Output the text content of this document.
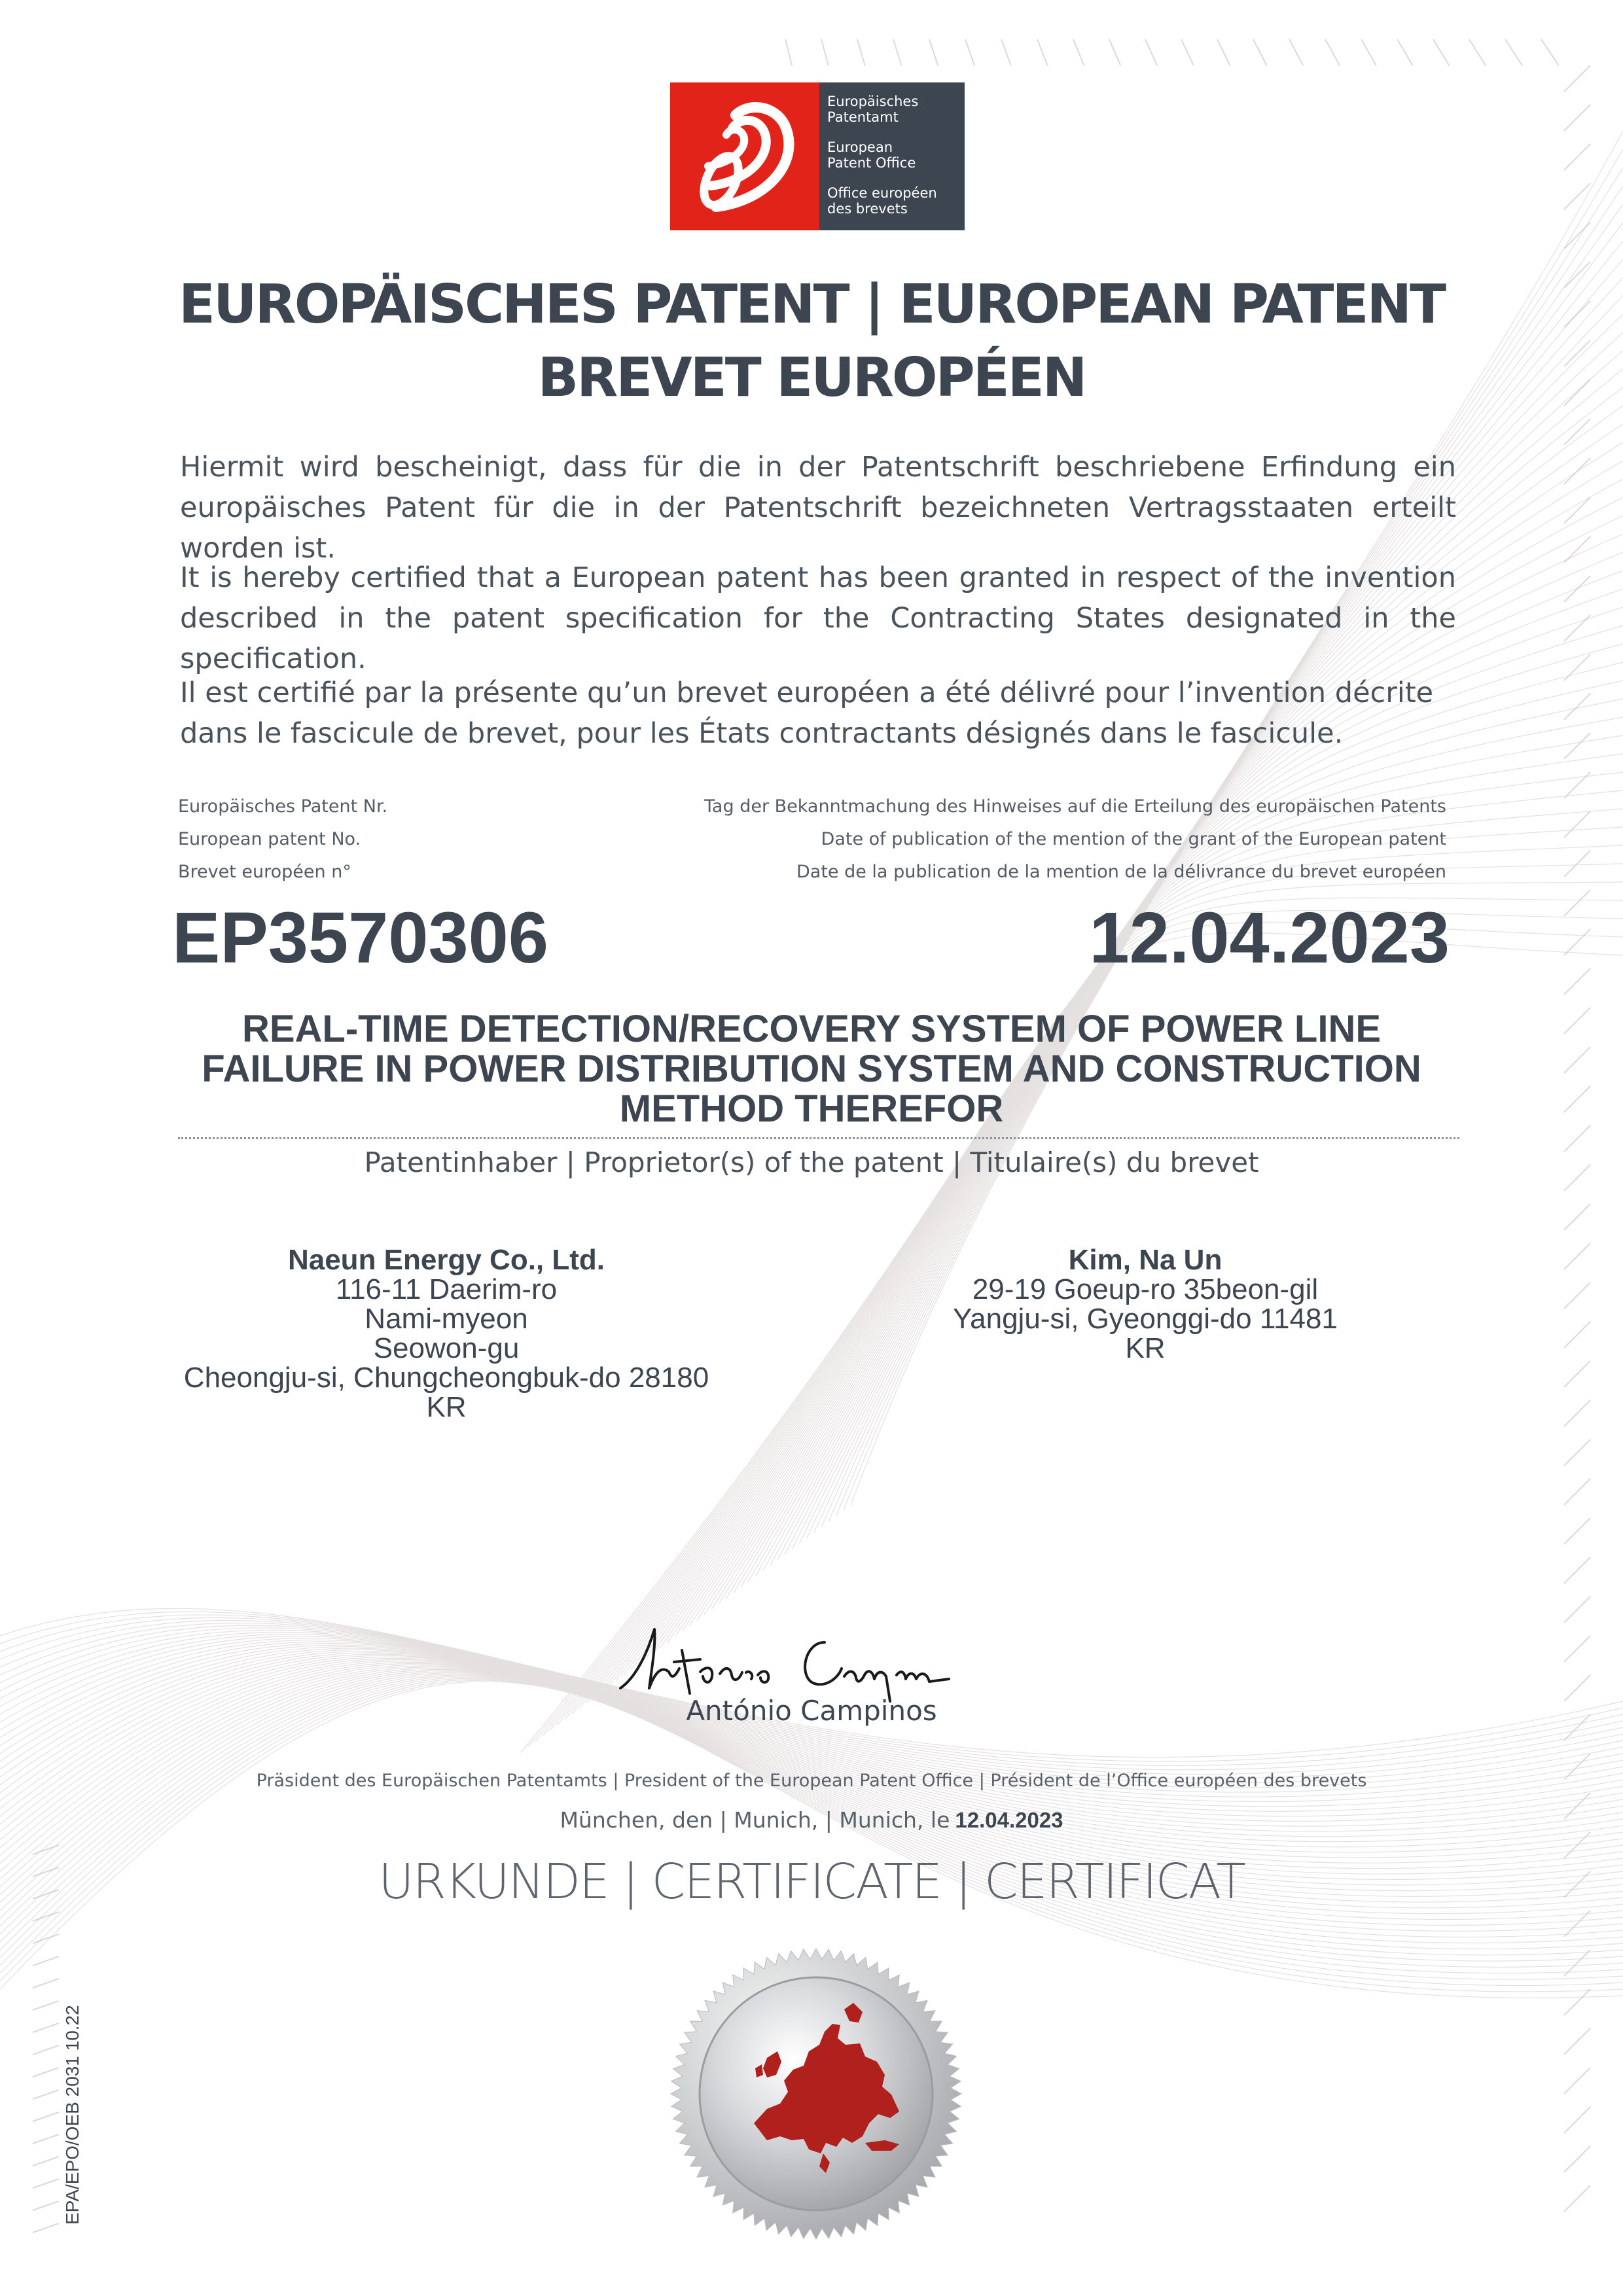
Europäisches
Patentamt
European
Patent Office
Office européen
des brevets
EUROPÄISCHES PATENT | EUROPEAN PATENT
BREVET EUROPÉEN
Hiermit wird bescheinigt, dass für die in der Patentschrift beschriebene Erfindung ein europäisches Patent für die in der Patentschrift bezeichneten Vertragsstaaten erteilt worden ist.
It is hereby certified that a European patent has been granted in respect of the invention described in the patent specification for the Contracting States designated in the specification.
Il est certifié par la présente qu’un brevet européen a été délivré pour l’invention décrite dans le fascicule de brevet, pour les États contractants désignés dans le fascicule.
Europäisches Patent Nr.
European patent No.
Brevet européen n°
Tag der Bekanntmachung des Hinweises auf die Erteilung des europäischen Patents
Date of publication of the mention of the grant of the European patent
Date de la publication de la mention de la délivrance du brevet européen
EP3570306	12.04.2023
REAL-TIME DETECTION/RECOVERY SYSTEM OF POWER LINE
FAILURE IN POWER DISTRIBUTION SYSTEM AND CONSTRUCTION
METHOD THEREFOR
Patentinhaber | Proprietor(s) of the patent | Titulaire(s) du brevet
Naeun Energy Co., Ltd.
116-11 Daerim-ro
Nami-myeon
Seowon-gu
Cheongju-si, Chungcheongbuk-do 28180
KR
Kim, Na Un
29-19 Goeup-ro 35beon-gil
Yangju-si, Gyeonggi-do 11481
KR
António Campinos
Präsident des Europäischen Patentamts | President of the European Patent Office | Président de l’Office européen des brevets
München, den | Munich, | Munich, le 12.04.2023
URKUNDE | CERTIFICATE | CERTIFICAT
EPA/EPO/OEB 2031 10.22
